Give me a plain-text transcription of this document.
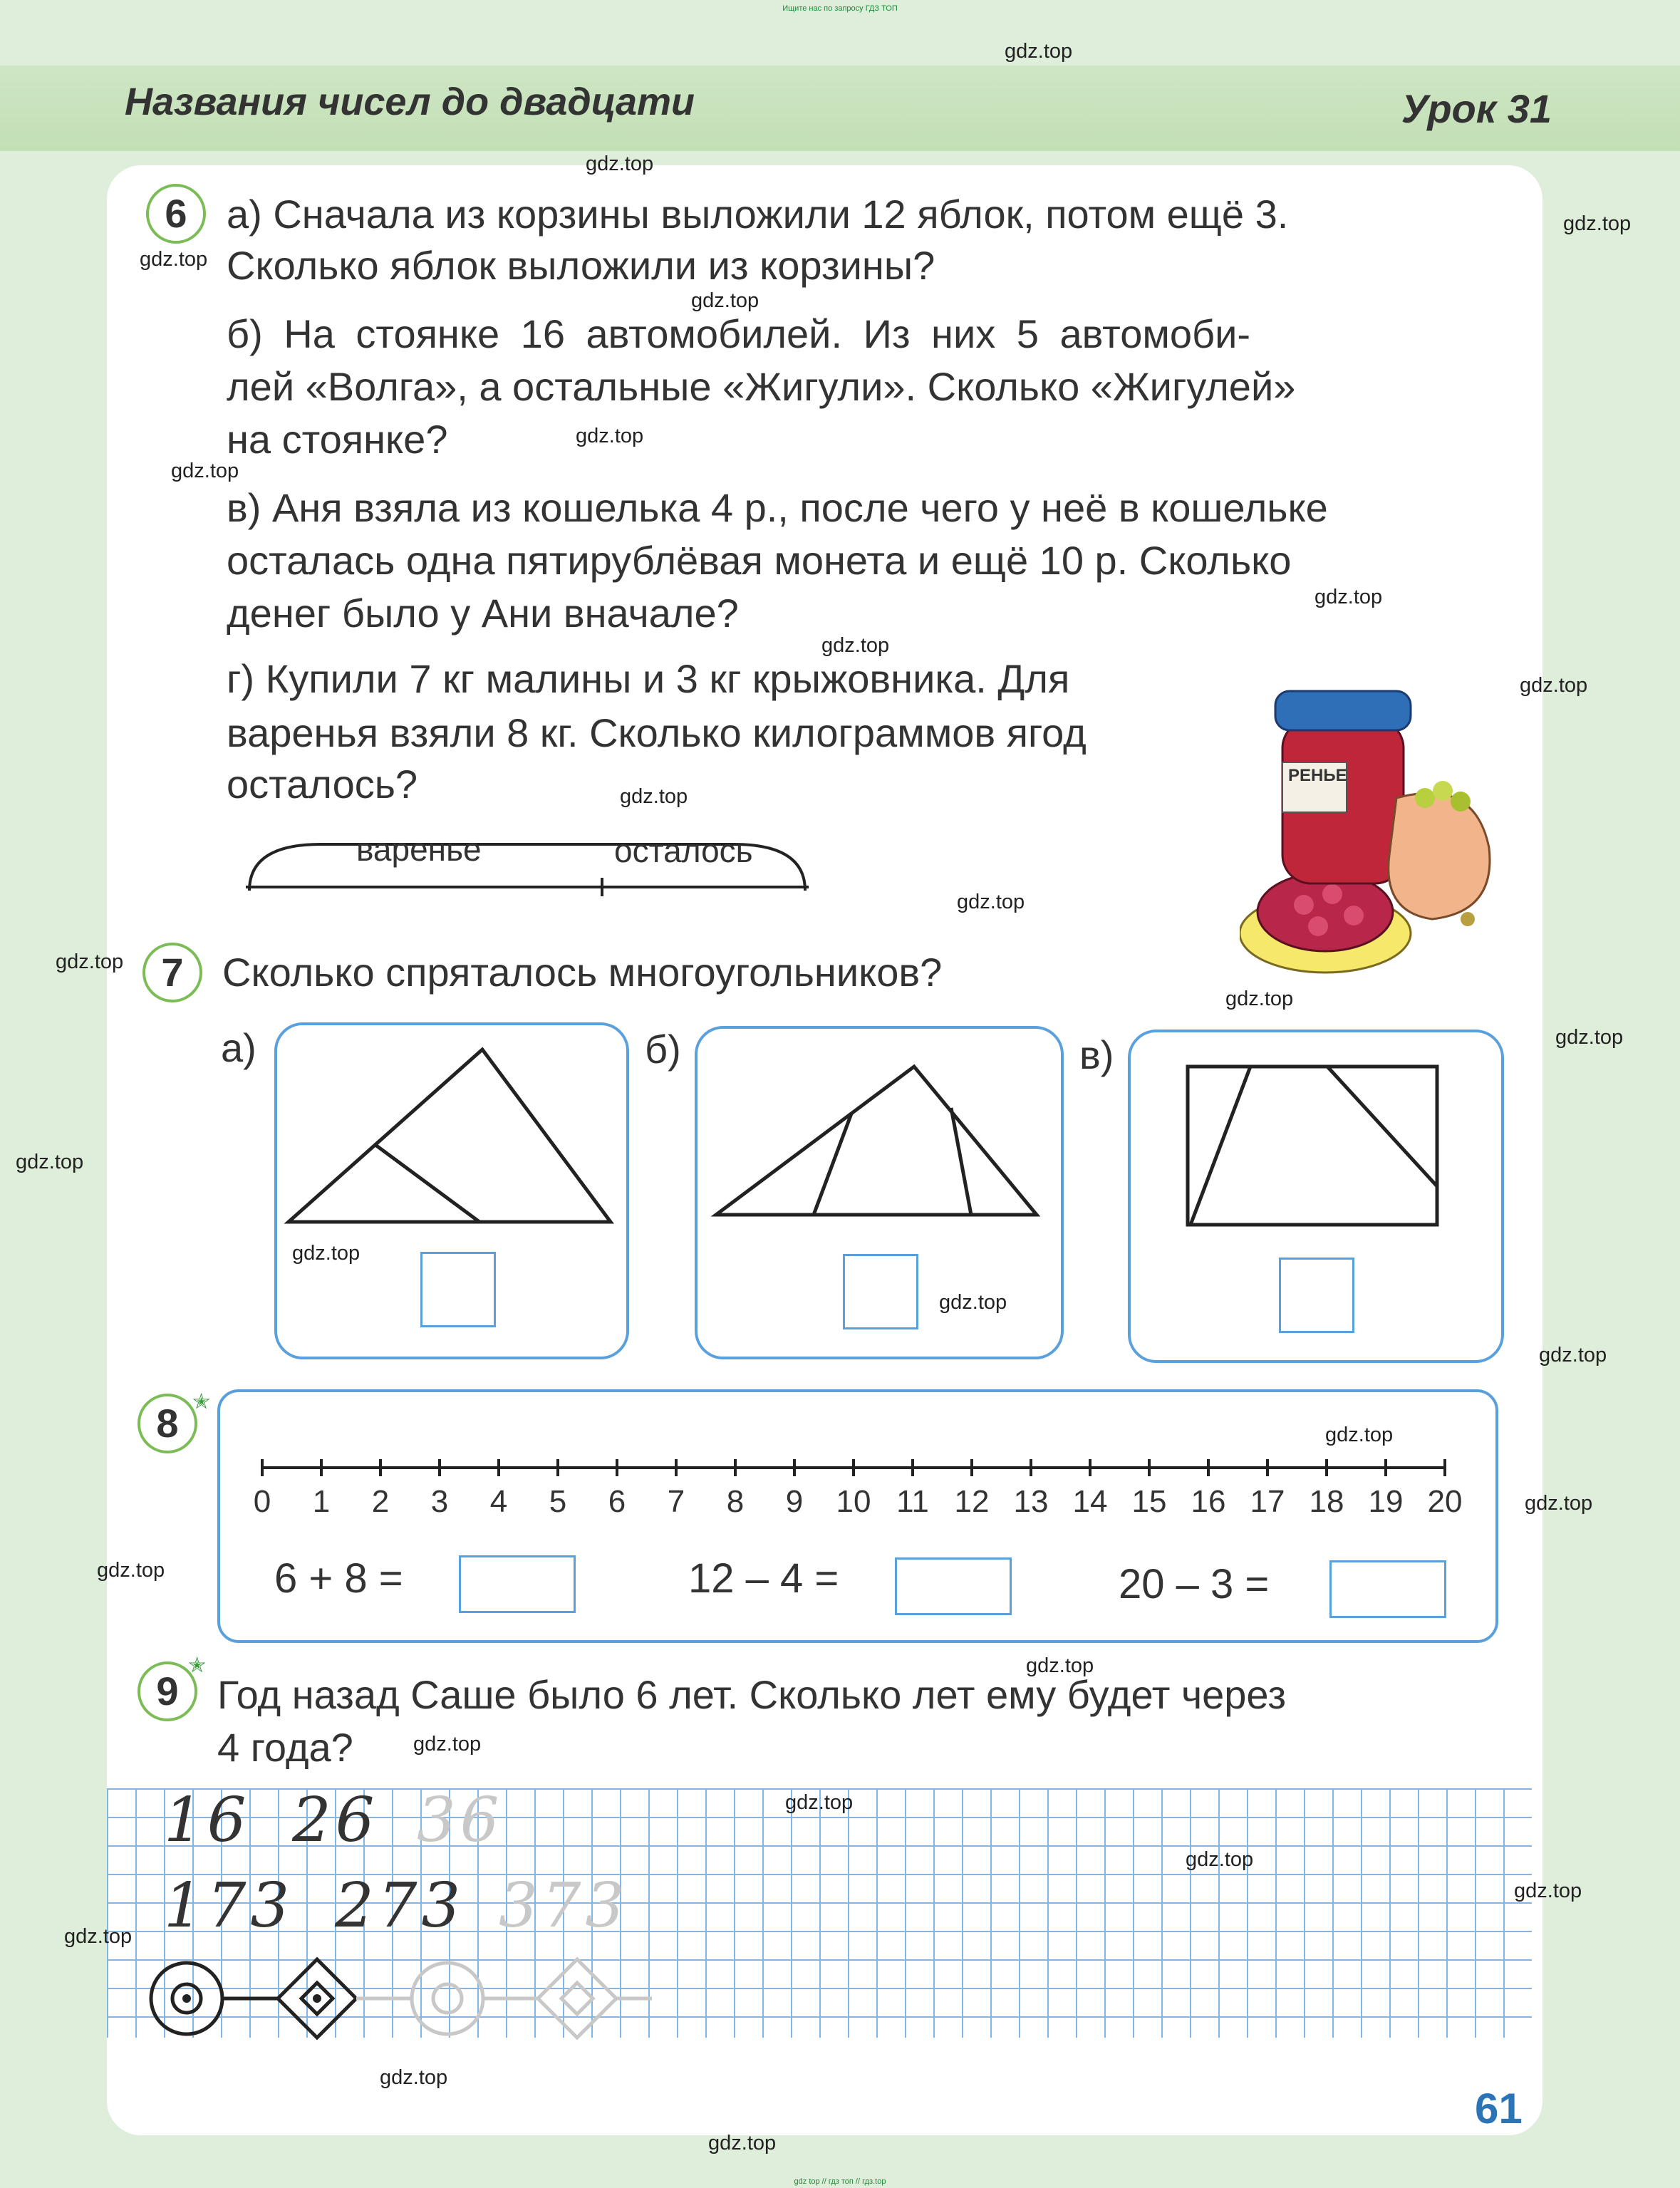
Ищите нас по запросу ГДЗ ТОП
Названия чисел до двадцати	Урок 31
6 а) Сначала из корзины выложили 12 яблок, потом ещё 3.
Сколько яблок выложили из корзины?
б) На стоянке 16 автомобилей. Из них 5 автомоби-
лей «Волга», а остальные «Жигули». Сколько «Жигулей»
на стоянке?
в) Аня взяла из кошелька 4 р., после чего у неё в кошельке
осталась одна пятирублёвая монета и ещё 10 р. Сколько
денег было у Ани вначале?
г) Купили 7 кг малины и 3 кг крыжовника. Для
варенья взяли 8 кг. Сколько килограммов ягод
осталось?
варенье	осталось
РЕНЬЕ
7 Сколько спряталось многоугольников?
а)	б)	в)
8 ✭
0	1	2	3	4	5	6	7	8	9	10 11 12 13 14 15 16 17 18 19 20
6 + 8 =	12 – 4 =	20 – 3 =
9
✭
Год назад Саше было 6 лет. Сколько лет ему будет через
4 года?
16 26 36
173 273 373
61
gdz.top
gdz.top
gdz.top
gdz.top
gdz.top
gdz.top
gdz.top
gdz.top
gdz.top
gdz.top
gdz.top
gdz.top
gdz.top
gdz.top
gdz.top
gdz.top
gdz.top
gdz.top
gdz.top
gdz.top
gdz.top
gdz.top
gdz.top
gdz.top
gdz.top
gdz.top
gdz.top
gdz.top
gdz.top
gdz.top
gdz top // гдз топ // гдз.top
